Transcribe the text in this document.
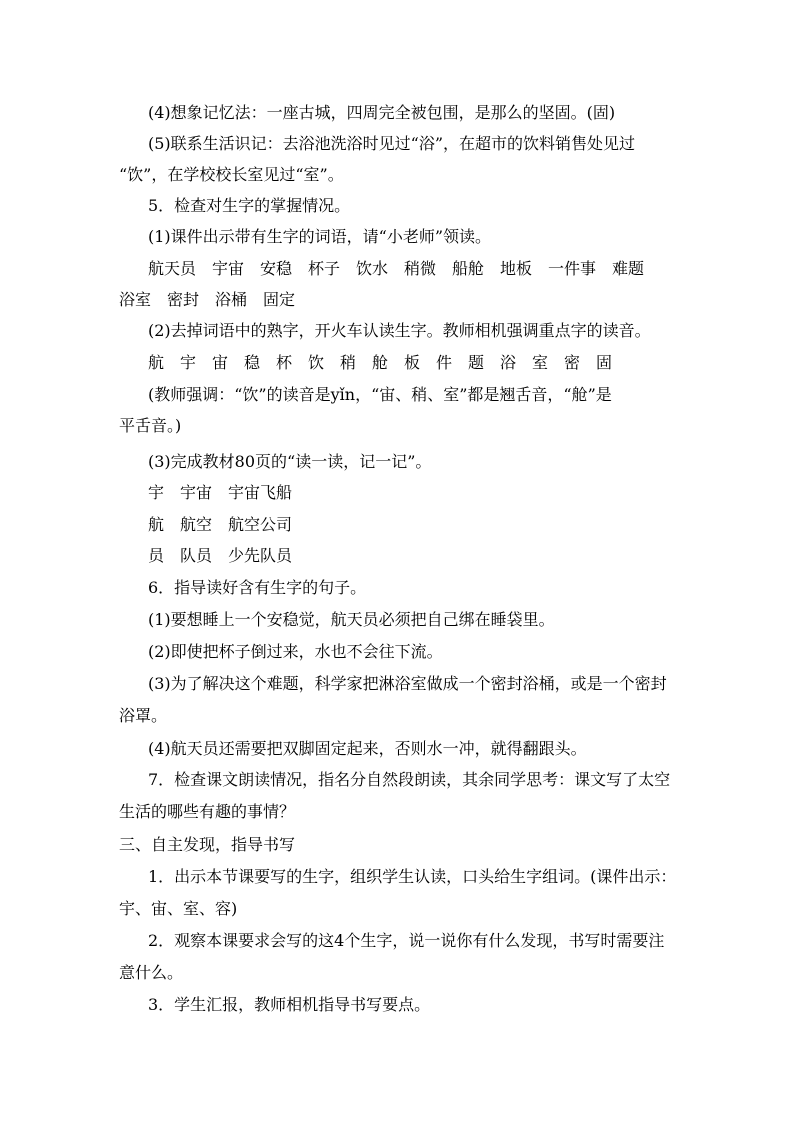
(4)想象记忆法：一座古城，四周完全被包围，是那么的坚固。(固)
(5)联系生活识记：去浴池洗浴时见过“浴”，在超市的饮料销售处见过
“饮”，在学校校长室见过“室”。
5．检查对生字的掌握情况。
(1)课件出示带有生字的词语，请“小老师”领读。
航天员　宇宙　安稳　杯子　饮水　稍微　船舱　地板　一件事　难题
浴室　密封　浴桶　固定
(2)去掉词语中的熟字，开火车认读生字。教师相机强调重点字的读音。
航　宇　宙　稳　杯　饮　稍　舱　板　件　题　浴　室　密　固
(教师强调：“饮”的读音是yǐn，“宙、稍、室”都是翘舌音，“舱”是
平舌音。)
(3)完成教材80页的“读一读，记一记”。
宇　宇宙　宇宙飞船
航　航空　航空公司
员　队员　少先队员
6．指导读好含有生字的句子。
(1)要想睡上一个安稳觉，航天员必须把自己绑在睡袋里。
(2)即使把杯子倒过来，水也不会往下流。
(3)为了解决这个难题，科学家把淋浴室做成一个密封浴桶，或是一个密封
浴罩。
(4)航天员还需要把双脚固定起来，否则水一冲，就得翻跟头。
7．检查课文朗读情况，指名分自然段朗读，其余同学思考：课文写了太空
生活的哪些有趣的事情？
三、自主发现，指导书写
1．出示本节课要写的生字，组织学生认读，口头给生字组词。(课件出示：
宇、宙、室、容)
2．观察本课要求会写的这4个生字，说一说你有什么发现，书写时需要注
意什么。
3．学生汇报，教师相机指导书写要点。
